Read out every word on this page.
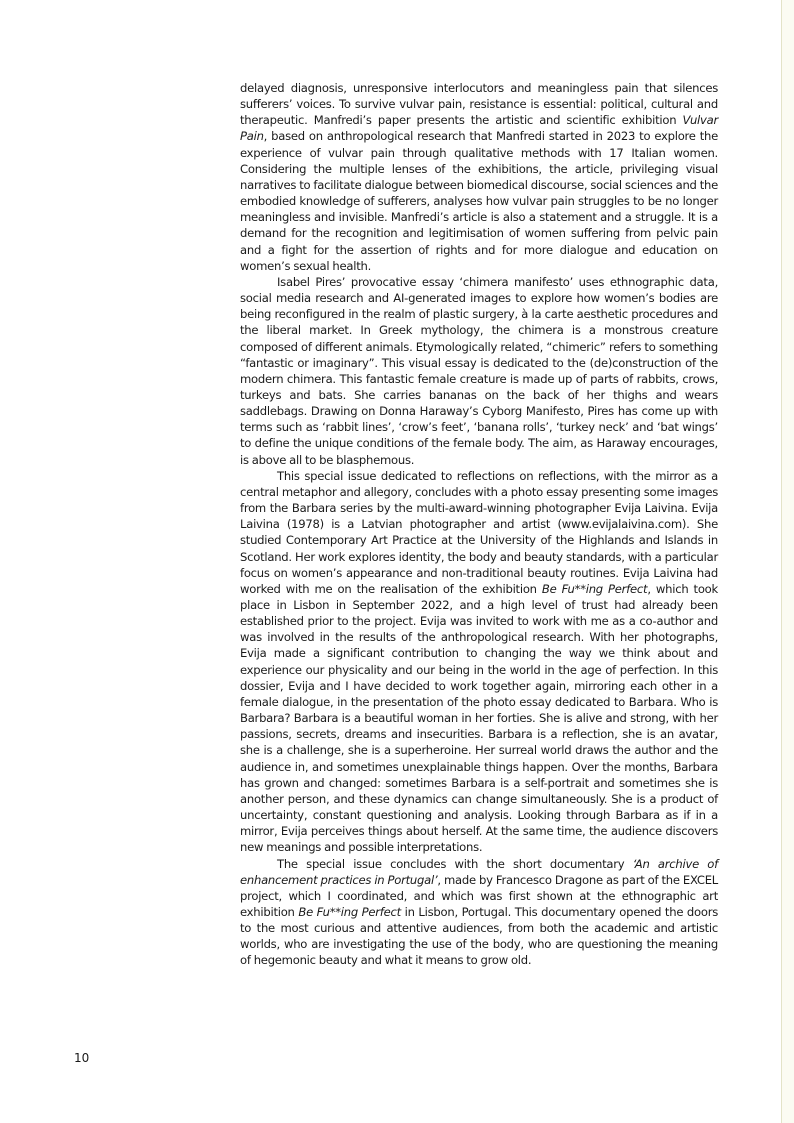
delayed diagnosis, unresponsive interlocutors and meaningless pain that silences sufferers’ voices. To survive vulvar pain, resistance is essential: political, cultural and therapeutic. Manfredi’s paper presents the artistic and scientific exhibition Vulvar Pain, based on anthropological research that Manfredi started in 2023 to explore the experience of vulvar pain through qualitative methods with 17 Italian women. Considering the multiple lenses of the exhibitions, the article, privileging visual narratives to facilitate dialogue between biomedical discourse, social sciences and the embodied knowledge of sufferers, analyses how vulvar pain struggles to be no longer meaningless and invisible. Manfredi’s article is also a statement and a struggle. It is a demand for the recognition and legitimisation of women suffering from pelvic pain and a fight for the assertion of rights and for more dialogue and education on women’s sexual health.

Isabel Pires’ provocative essay ‘chimera manifesto’ uses ethnographic data, social media research and AI-generated images to explore how women’s bodies are being reconfigured in the realm of plastic surgery, à la carte aesthetic procedures and the liberal market. In Greek mythology, the chimera is a monstrous creature composed of different animals. Etymologically related, “chimeric” refers to something “fantastic or imaginary”. This visual essay is dedicated to the (de)construction of the modern chimera. This fantastic female creature is made up of parts of rabbits, crows, turkeys and bats. She carries bananas on the back of her thighs and wears saddlebags. Drawing on Donna Haraway’s Cyborg Manifesto, Pires has come up with terms such as ‘rabbit lines’, ‘crow’s feet’, ‘banana rolls’, ‘turkey neck’ and ‘bat wings’ to define the unique conditions of the female body. The aim, as Haraway encourages, is above all to be blasphemous.

This special issue dedicated to reflections on reflections, with the mirror as a central metaphor and allegory, concludes with a photo essay presenting some images from the Barbara series by the multi-award-winning photographer Evija Laivina. Evija Laivina (1978) is a Latvian photographer and artist (www.evijalaivina.com). She studied Contemporary Art Practice at the University of the Highlands and Islands in Scotland. Her work explores identity, the body and beauty standards, with a particular focus on women’s appearance and non-traditional beauty routines. Evija Laivina had worked with me on the realisation of the exhibition Be Fu**ing Perfect, which took place in Lisbon in September 2022, and a high level of trust had already been established prior to the project. Evija was invited to work with me as a co-author and was involved in the results of the anthropological research. With her photographs, Evija made a significant contribution to changing the way we think about and experience our physicality and our being in the world in the age of perfection. In this dossier, Evija and I have decided to work together again, mirroring each other in a female dialogue, in the presentation of the photo essay dedicated to Barbara. Who is Barbara? Barbara is a beautiful woman in her forties. She is alive and strong, with her passions, secrets, dreams and insecurities. Barbara is a reflection, she is an avatar, she is a challenge, she is a superheroine. Her surreal world draws the author and the audience in, and sometimes unexplainable things happen. Over the months, Barbara has grown and changed: sometimes Barbara is a self-portrait and sometimes she is another person, and these dynamics can change simultaneously. She is a product of uncertainty, constant questioning and analysis. Looking through Barbara as if in a mirror, Evija perceives things about herself. At the same time, the audience discovers new meanings and possible interpretations.

The special issue concludes with the short documentary ‘An archive of enhancement practices in Portugal’, made by Francesco Dragone as part of the EXCEL project, which I coordinated, and which was first shown at the ethnographic art exhibition Be Fu**ing Perfect in Lisbon, Portugal. This documentary opened the doors to the most curious and attentive audiences, from both the academic and artistic worlds, who are investigating the use of the body, who are questioning the meaning of hegemonic beauty and what it means to grow old.

10
